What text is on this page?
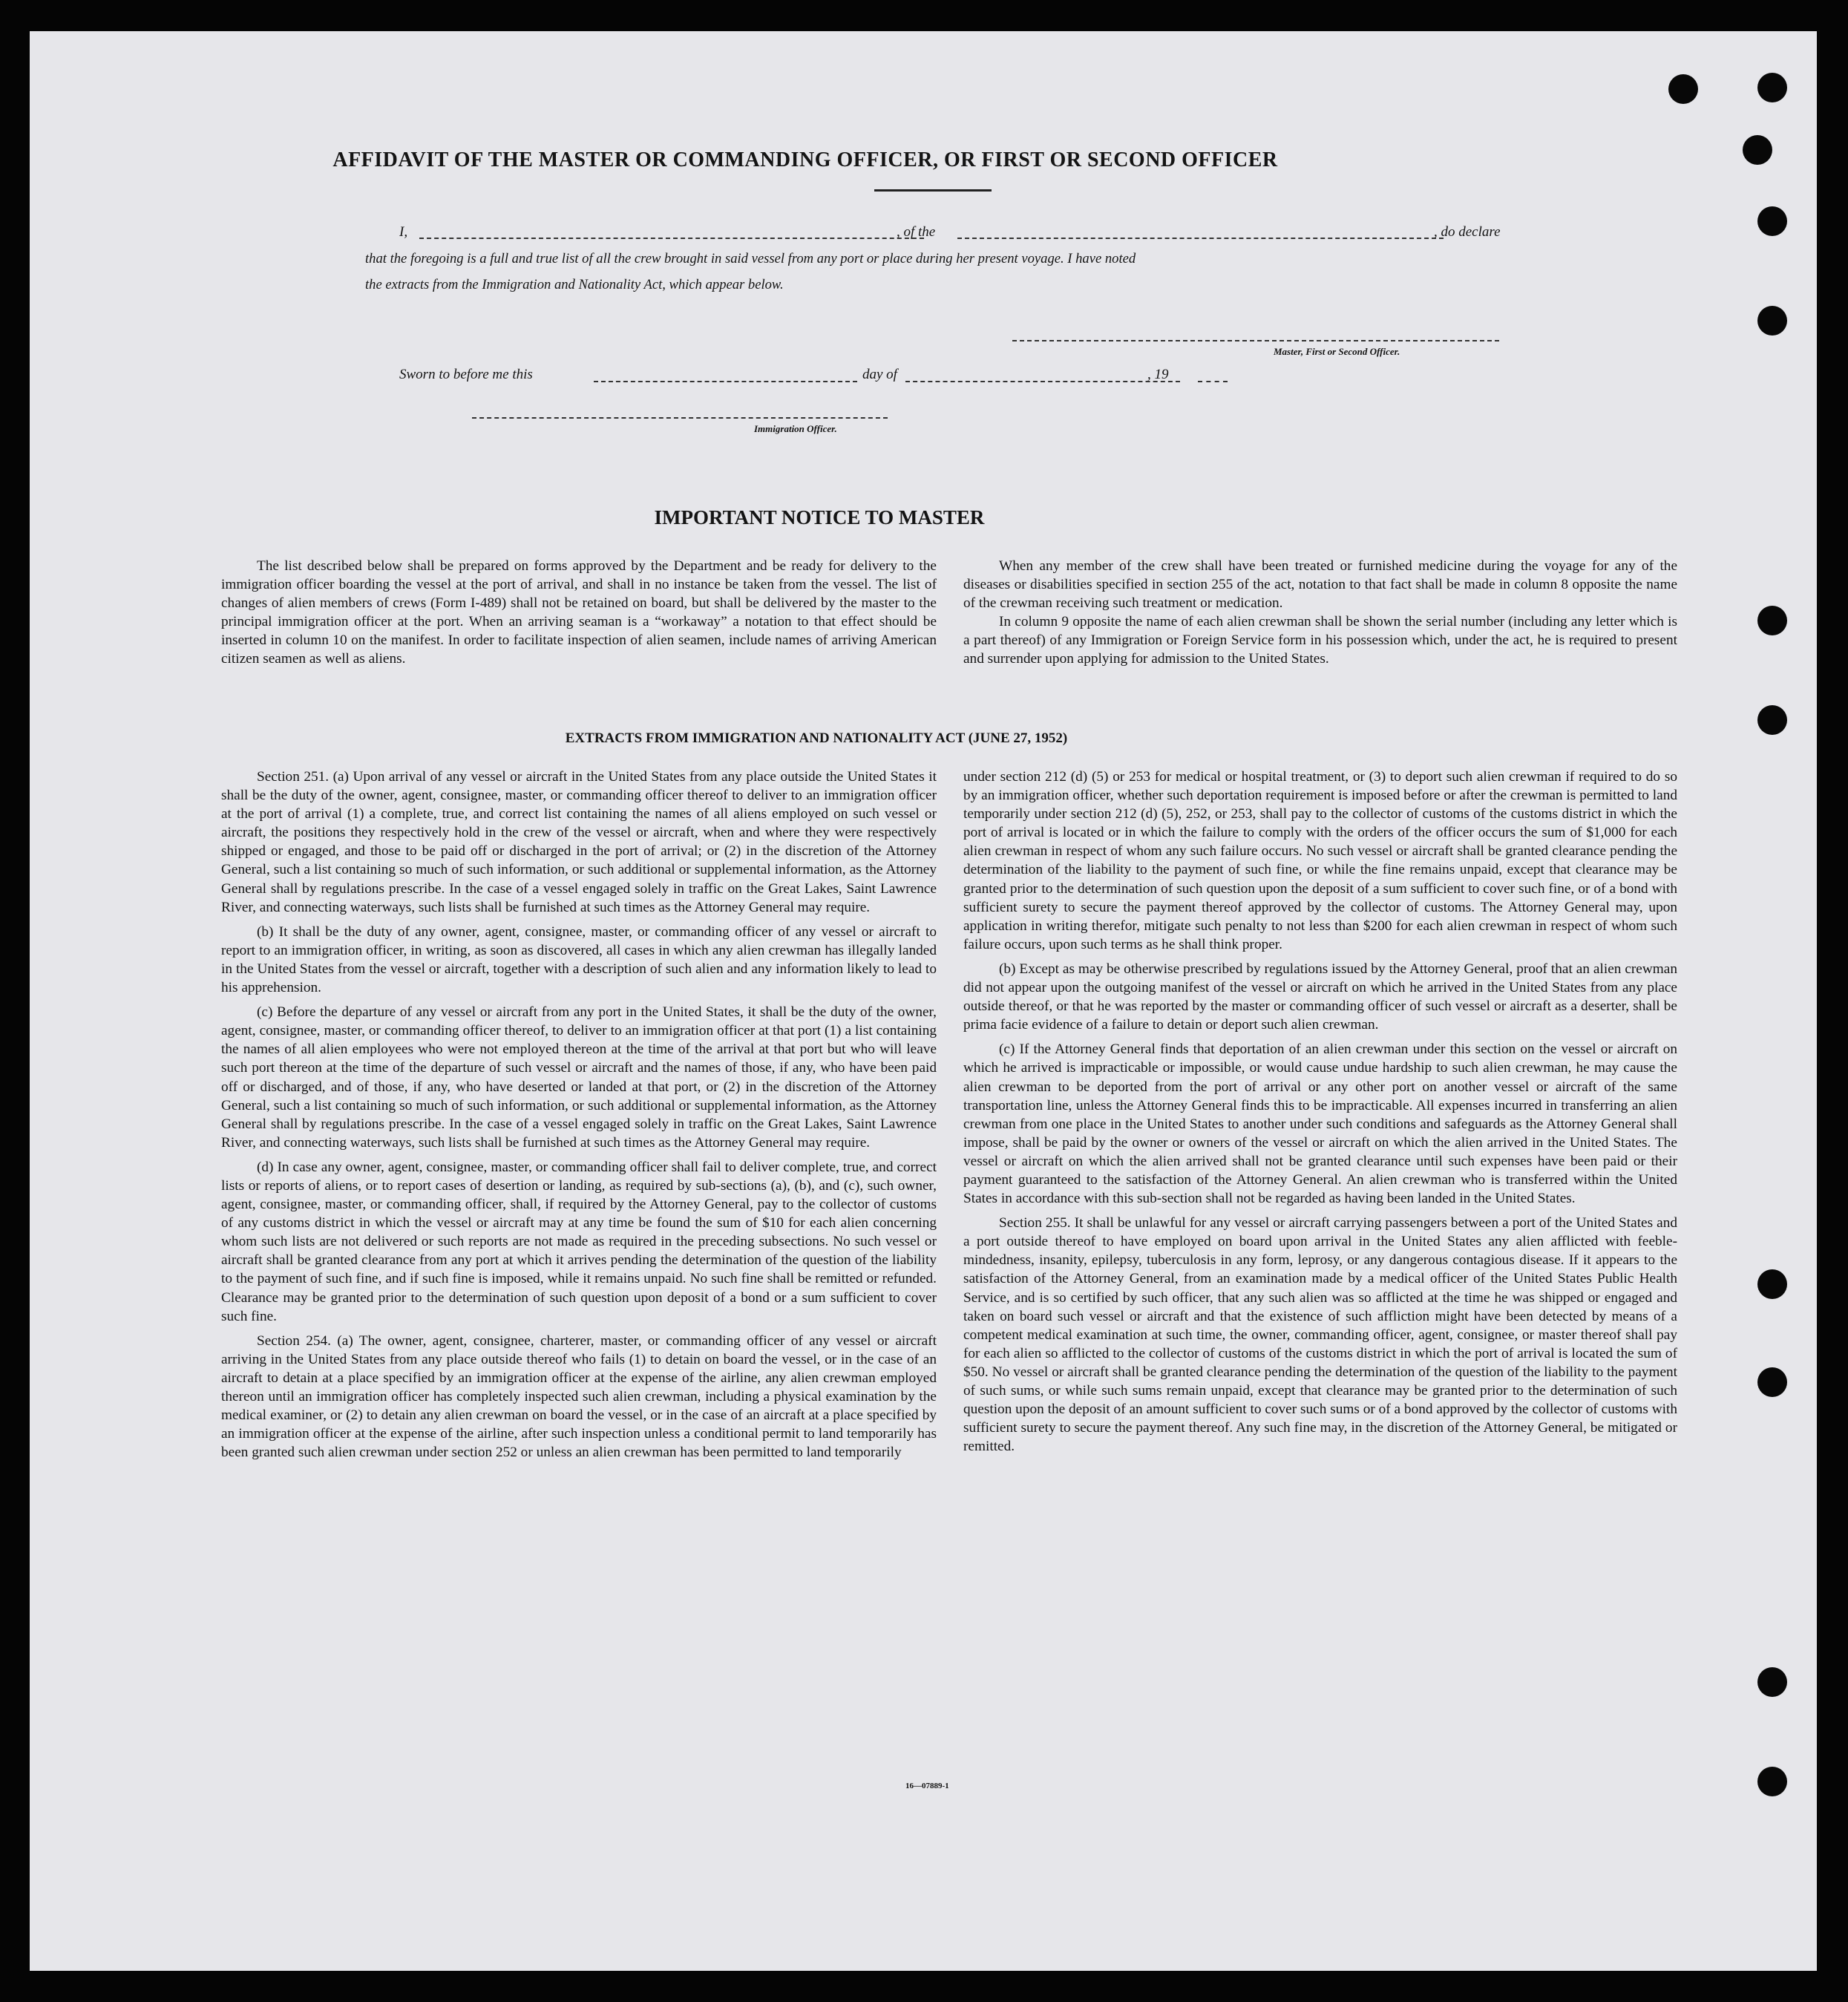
AFFIDAVIT OF THE MASTER OR COMMANDING OFFICER, OR FIRST OR SECOND OFFICER
I,	, of the	, do declare
that the foregoing is a full and true list of all the crew brought in said vessel from any port or place during her present voyage. I have noted
the extracts from the Immigration and Nationality Act, which appear below.
Master, First or Second Officer.
Sworn to before me this	day of	, 19
Immigration Officer.
IMPORTANT NOTICE TO MASTER

The list described below shall be prepared on forms approved by the Department and be ready for delivery to the immigration officer boarding the vessel at the port of arrival, and shall in no instance be taken from the vessel. The list of changes of alien members of crews (Form I-489) shall not be retained on board, but shall be delivered by the master to the principal immigration officer at the port. When an arriving seaman is a “workaway” a notation to that effect should be inserted in column 10 on the manifest. In order to facilitate inspection of alien seamen, include names of arriving American citizen seamen as well as aliens.

When any member of the crew shall have been treated or furnished medicine during the voyage for any of the diseases or disabilities specified in section 255 of the act, notation to that fact shall be made in column 8 opposite the name of the crewman receiving such treatment or medication.

In column 9 opposite the name of each alien crewman shall be shown the serial number (including any letter which is a part thereof) of any Immigration or Foreign Service form in his possession which, under the act, he is required to present and surrender upon applying for admission to the United States.

EXTRACTS FROM IMMIGRATION AND NATIONALITY ACT (JUNE 27, 1952)

Section 251. (a) Upon arrival of any vessel or aircraft in the United States from any place outside the United States it shall be the duty of the owner, agent, consignee, master, or commanding officer thereof to deliver to an immigration officer at the port of arrival (1) a complete, true, and correct list containing the names of all aliens employed on such vessel or aircraft, the positions they respectively hold in the crew of the vessel or aircraft, when and where they were respectively shipped or engaged, and those to be paid off or discharged in the port of arrival; or (2) in the discretion of the Attorney General, such a list containing so much of such information, or such additional or supplemental information, as the Attorney General shall by regulations prescribe. In the case of a vessel engaged solely in traffic on the Great Lakes, Saint Lawrence River, and connecting waterways, such lists shall be furnished at such times as the Attorney General may require.

(b) It shall be the duty of any owner, agent, consignee, master, or commanding officer of any vessel or aircraft to report to an immigration officer, in writing, as soon as discovered, all cases in which any alien crewman has illegally landed in the United States from the vessel or aircraft, together with a description of such alien and any information likely to lead to his apprehension.

(c) Before the departure of any vessel or aircraft from any port in the United States, it shall be the duty of the owner, agent, consignee, master, or commanding officer thereof, to deliver to an immigration officer at that port (1) a list containing the names of all alien employees who were not employed thereon at the time of the arrival at that port but who will leave such port thereon at the time of the departure of such vessel or aircraft and the names of those, if any, who have been paid off or discharged, and of those, if any, who have deserted or landed at that port, or (2) in the discretion of the Attorney General, such a list containing so much of such information, or such additional or supplemental information, as the Attorney General shall by regulations prescribe. In the case of a vessel engaged solely in traffic on the Great Lakes, Saint Lawrence River, and connecting waterways, such lists shall be furnished at such times as the Attorney General may require.

(d) In case any owner, agent, consignee, master, or commanding officer shall fail to deliver complete, true, and correct lists or reports of aliens, or to report cases of desertion or landing, as required by sub-sections (a), (b), and (c), such owner, agent, consignee, master, or commanding officer, shall, if required by the Attorney General, pay to the collector of customs of any customs district in which the vessel or aircraft may at any time be found the sum of $10 for each alien concerning whom such lists are not delivered or such reports are not made as required in the preceding subsections. No such vessel or aircraft shall be granted clearance from any port at which it arrives pending the determination of the question of the liability to the payment of such fine, and if such fine is imposed, while it remains unpaid. No such fine shall be remitted or refunded. Clearance may be granted prior to the determination of such question upon deposit of a bond or a sum sufficient to cover such fine.

Section 254. (a) The owner, agent, consignee, charterer, master, or commanding officer of any vessel or aircraft arriving in the United States from any place outside thereof who fails (1) to detain on board the vessel, or in the case of an aircraft to detain at a place specified by an immigration officer at the expense of the airline, any alien crewman employed thereon until an immigration officer has completely inspected such alien crewman, including a physical examination by the medical examiner, or (2) to detain any alien crewman on board the vessel, or in the case of an aircraft at a place specified by an immigration officer at the expense of the airline, after such inspection unless a conditional permit to land temporarily has been granted such alien crewman under section 252 or unless an alien crewman has been permitted to land temporarily

under section 212 (d) (5) or 253 for medical or hospital treatment, or (3) to deport such alien crewman if required to do so by an immigration officer, whether such deportation requirement is imposed before or after the crewman is permitted to land temporarily under section 212 (d) (5), 252, or 253, shall pay to the collector of customs of the customs district in which the port of arrival is located or in which the failure to comply with the orders of the officer occurs the sum of $1,000 for each alien crewman in respect of whom any such failure occurs. No such vessel or aircraft shall be granted clearance pending the determination of the liability to the payment of such fine, or while the fine remains unpaid, except that clearance may be granted prior to the determination of such question upon the deposit of a sum sufficient to cover such fine, or of a bond with sufficient surety to secure the payment thereof approved by the collector of customs. The Attorney General may, upon application in writing therefor, mitigate such penalty to not less than $200 for each alien crewman in respect of whom such failure occurs, upon such terms as he shall think proper.

(b) Except as may be otherwise prescribed by regulations issued by the Attorney General, proof that an alien crewman did not appear upon the outgoing manifest of the vessel or aircraft on which he arrived in the United States from any place outside thereof, or that he was reported by the master or commanding officer of such vessel or aircraft as a deserter, shall be prima facie evidence of a failure to detain or deport such alien crewman.

(c) If the Attorney General finds that deportation of an alien crewman under this section on the vessel or aircraft on which he arrived is impracticable or impossible, or would cause undue hardship to such alien crewman, he may cause the alien crewman to be deported from the port of arrival or any other port on another vessel or aircraft of the same transportation line, unless the Attorney General finds this to be impracticable. All expenses incurred in transferring an alien crewman from one place in the United States to another under such conditions and safeguards as the Attorney General shall impose, shall be paid by the owner or owners of the vessel or aircraft on which the alien arrived in the United States. The vessel or aircraft on which the alien arrived shall not be granted clearance until such expenses have been paid or their payment guaranteed to the satisfaction of the Attorney General. An alien crewman who is transferred within the United States in accordance with this sub-section shall not be regarded as having been landed in the United States.

Section 255. It shall be unlawful for any vessel or aircraft carrying passengers between a port of the United States and a port outside thereof to have employed on board upon arrival in the United States any alien afflicted with feeble-mindedness, insanity, epilepsy, tuberculosis in any form, leprosy, or any dangerous contagious disease. If it appears to the satisfaction of the Attorney General, from an examination made by a medical officer of the United States Public Health Service, and is so certified by such officer, that any such alien was so afflicted at the time he was shipped or engaged and taken on board such vessel or aircraft and that the existence of such affliction might have been detected by means of a competent medical examination at such time, the owner, commanding officer, agent, consignee, or master thereof shall pay for each alien so afflicted to the collector of customs of the customs district in which the port of arrival is located the sum of $50. No vessel or aircraft shall be granted clearance pending the determination of the question of the liability to the payment of such sums, or while such sums remain unpaid, except that clearance may be granted prior to the determination of such question upon the deposit of an amount sufficient to cover such sums or of a bond approved by the collector of customs with sufficient surety to secure the payment thereof. Any such fine may, in the discretion of the Attorney General, be mitigated or remitted.

16—07889-1
